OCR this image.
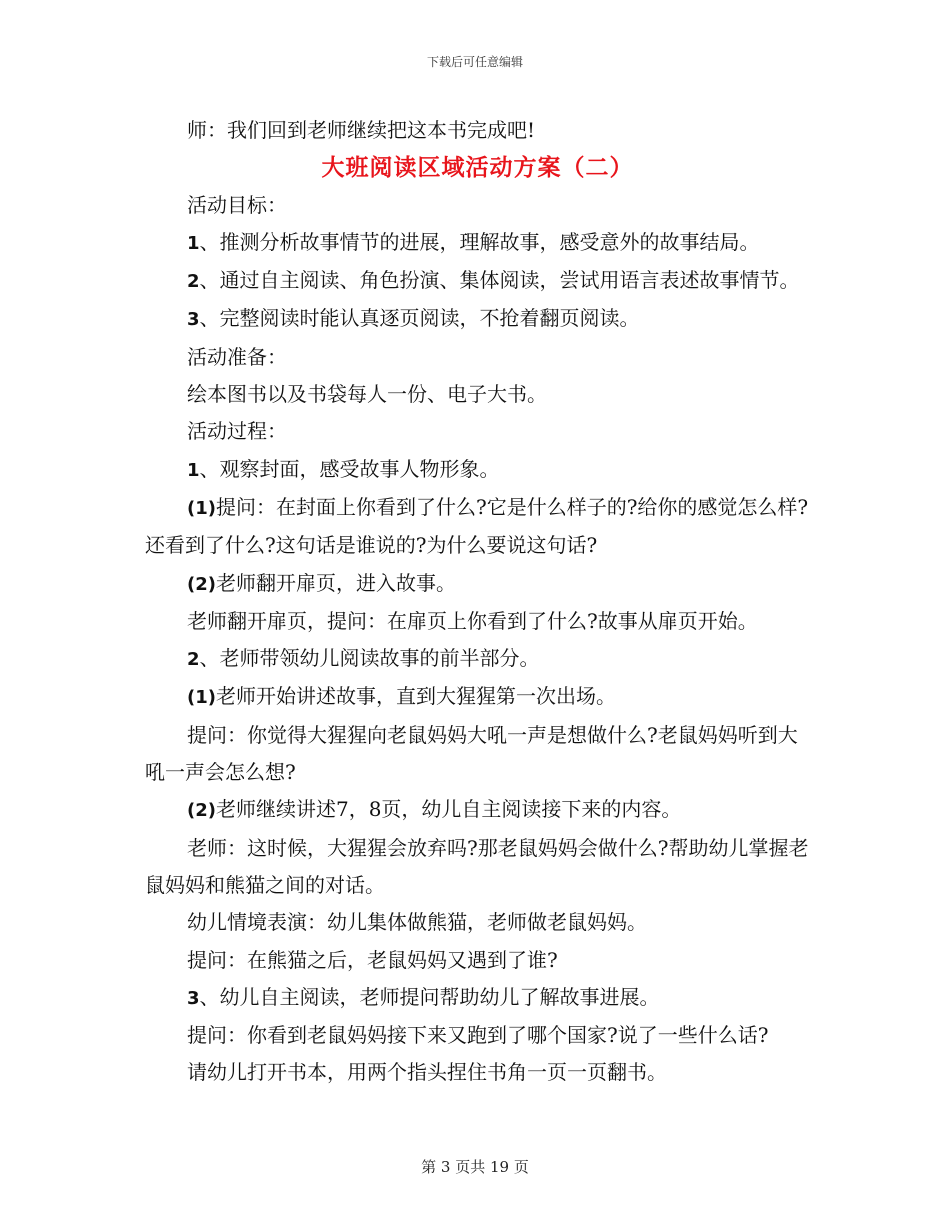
下载后可任意编辑

师：我们回到老师继续把这本书完成吧!

大班阅读区域活动方案（二）

活动目标：

1、推测分析故事情节的进展，理解故事，感受意外的故事结局。

2、通过自主阅读、角色扮演、集体阅读，尝试用语言表述故事情节。

3、完整阅读时能认真逐页阅读，不抢着翻页阅读。

活动准备：

绘本图书以及书袋每人一份、电子大书。

活动过程：

1、观察封面，感受故事人物形象。

(1)提问：在封面上你看到了什么?它是什么样子的?给你的感觉怎么样?还看到了什么?这句话是谁说的?为什么要说这句话?

(2)老师翻开扉页，进入故事。

老师翻开扉页，提问：在扉页上你看到了什么?故事从扉页开始。

2、老师带领幼儿阅读故事的前半部分。

(1)老师开始讲述故事，直到大猩猩第一次出场。

提问：你觉得大猩猩向老鼠妈妈大吼一声是想做什么?老鼠妈妈听到大吼一声会怎么想?

(2)老师继续讲述7，8页，幼儿自主阅读接下来的内容。

老师：这时候，大猩猩会放弃吗?那老鼠妈妈会做什么?帮助幼儿掌握老鼠妈妈和熊猫之间的对话。

幼儿情境表演：幼儿集体做熊猫，老师做老鼠妈妈。

提问：在熊猫之后，老鼠妈妈又遇到了谁?

3、幼儿自主阅读，老师提问帮助幼儿了解故事进展。

提问：你看到老鼠妈妈接下来又跑到了哪个国家?说了一些什么话?

请幼儿打开书本，用两个指头捏住书角一页一页翻书。

第 3 页共 19 页
